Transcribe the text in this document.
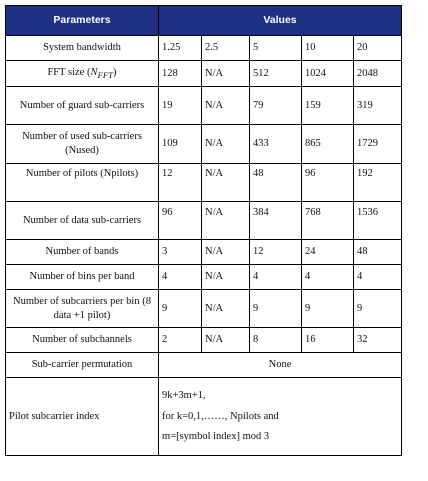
Parameters	Values				
System bandwidth	1.25	2.5	5	10	20
FFT size $(N_{FFT})$	128	N/A	512	1024	2048
Number of guard sub-carriers	19	N/A	79	159	319
Number of used sub-carriers (Nused)	109	N/A	433	865	1729
Number of pilots (Npilots)	12	N/A	48	96	192
Number of data sub-carriers	96	N/A	384	768	1536
Number of bands	3	N/A	12	24	48
Number of bins per band	4	N/A	4	4	4
Number of subcarriers per bin (8 data +1 pilot)	9	N/A	9	9	9
Number of subchannels	2	N/A	8	16	32
Sub-carrier permutation	None				
Pilot subcarrier index	9k+3m+1,
for k=0,1,……, Npilots and
m=[symbol index] mod 3				
